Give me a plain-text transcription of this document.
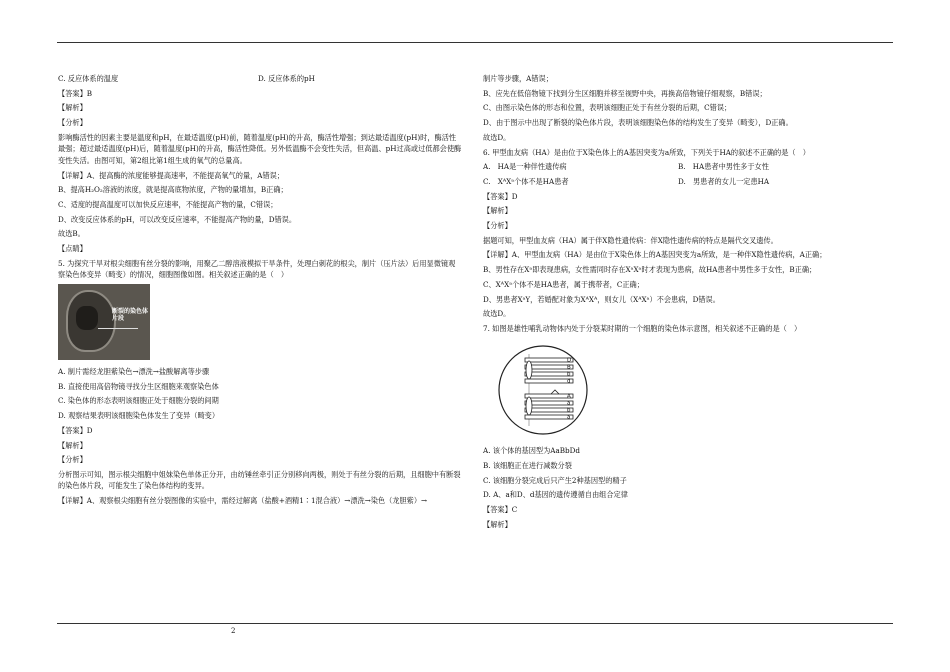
C. 反应体系的温度	D. 反应体系的pH

【答案】B

【解析】

【分析】

影响酶活性的因素主要是温度和pH，在最适温度(pH)前，随着温度(pH)的升高，酶活性增强；到达最适温度(pH)时，酶活性最强；超过最适温度(pH)后，随着温度(pH)的升高，酶活性降低。另外低温酶不会变性失活，但高温、pH过高或过低都会使酶变性失活。由图可知，第2组比第1组生成的氧气的总量高。

【详解】A、提高酶的浓度能够提高速率，不能提高氧气的量，A错误；

B、提高H₂O₂溶液的浓度，就是提高底物浓度，产物的量增加，B正确；

C、适度的提高温度可以加快反应速率，不能提高产物的量，C错误；

D、改变反应体系的pH，可以改变反应速率，不能提高产物的量，D错误。

故选B。

【点睛】

5. 为探究干旱对根尖细胞有丝分裂的影响，用聚乙二醇溶液模拟干旱条件，处理白刺花的根尖，制片（压片法）后用显微镜观察染色体变异（畸变）的情况，细胞图像如图。相关叙述正确的是（　）

断裂的染色体片段

A. 制片需经龙胆紫染色→漂洗→盐酸解离等步骤

B. 直接使用高倍物镜寻找分生区细胞来观察染色体

C. 染色体的形态表明该细胞正处于细胞分裂的间期

D. 观察结果表明该细胞染色体发生了变异（畸变）

【答案】D

【解析】

【分析】

分析图示可知，图示根尖细胞中姐妹染色单体正分开，由纺锤丝牵引正分别移向两极，则处于有丝分裂的后期，且细胞中有断裂的染色体片段，可能发生了染色体结构的变异。

【详解】A、观察根尖细胞有丝分裂图像的实验中，需经过解离（盐酸+酒精1∶1混合液）→漂洗→染色（龙胆紫）→

制片等步骤，A错误；

B、应先在低倍物镜下找到分生区细胞并移至视野中央，再换高倍物镜仔细观察，B错误；

C、由图示染色体的形态和位置，表明该细胞正处于有丝分裂的后期，C错误；

D、由于图示中出现了断裂的染色体片段，表明该细胞染色体的结构发生了变异（畸变），D正确。

故选D。

6. 甲型血友病（HA）是由位于X染色体上的A基因突变为a所致，下列关于HA的叙述不正确的是（　）

A.　HA是一种伴性遗传病	B.　HA患者中男性多于女性
C.　XᴬXᵃ个体不是HA患者	D.　男患者的女儿一定患HA

【答案】D

【解析】

【分析】

据题可知，甲型血友病（HA）属于伴X隐性遗传病：伴X隐性遗传病的特点是隔代交叉遗传。

【详解】A、甲型血友病（HA）是由位于X染色体上的A基因突变为a所致，是一种伴X隐性遗传病，A正确；

B、男性存在Xᵃ即表现患病，女性需同时存在XᵃXᵃ时才表现为患病，故HA患者中男性多于女性，B正确；

C、XᴬXᵃ个体不是HA患者，属于携带者，C正确；

D、男患者XᵃY，若婚配对象为XᴬXᴬ，则女儿（XᴬXᵃ）不会患病，D错误。

故选D。

7. 如图是雄性哺乳动物体内处于分裂某时期的一个细胞的染色体示意图，相关叙述不正确的是（　）

D
B
b
d
A
a
b
a

A. 该个体的基因型为AaBbDd

B. 该细胞正在进行减数分裂

C. 该细胞分裂完成后只产生2种基因型的精子

D. A、a和D、d基因的遗传遵循自由组合定律

【答案】C

【解析】

2
